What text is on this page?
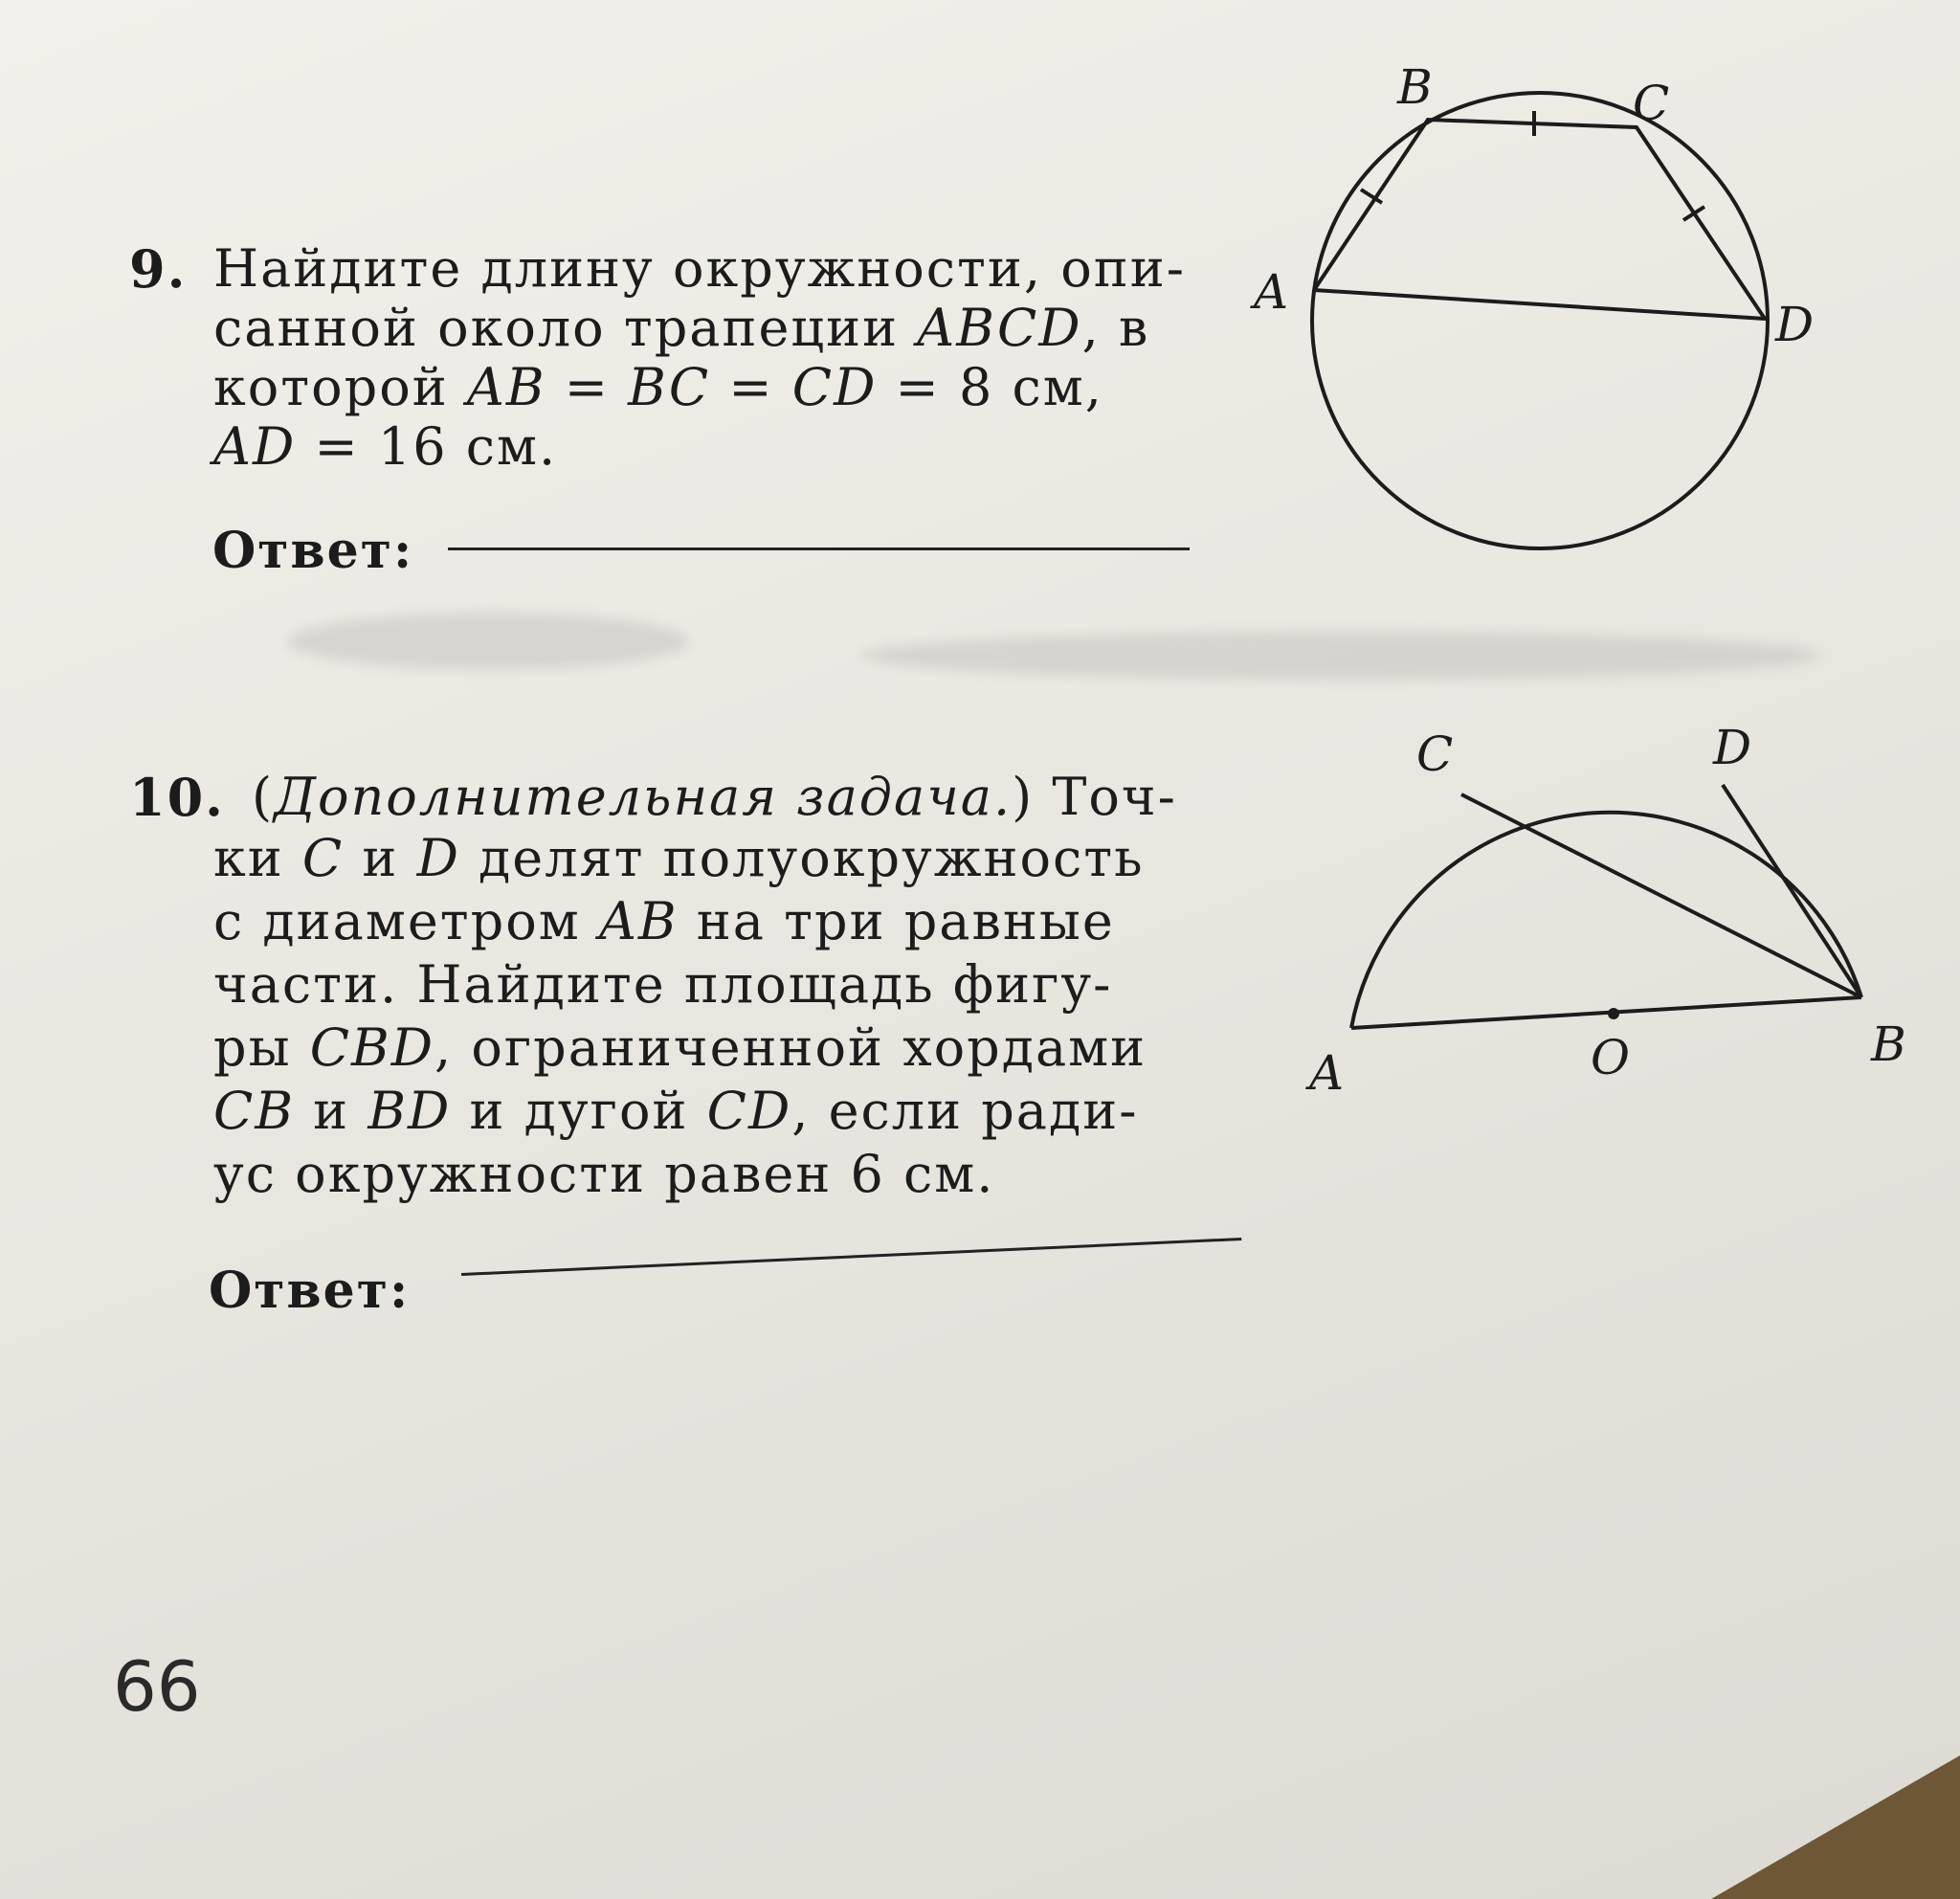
9. Найдите длину окружности, опи-
санной около трапеции ABCD, в
которой AB = BC = CD = 8 см,
AD = 16 см.
Ответ:
A
B	C
D
10. (Дополнительная задача.) Точ-
ки C и D делят полуокружность
с диаметром AB на три равные
части. Найдите площадь фигу-
ры CBD, ограниченной хордами
CB и BD и дугой CD, если ради-
ус окружности равен 6 см.
Ответ:
C	D
A	O	B
66
